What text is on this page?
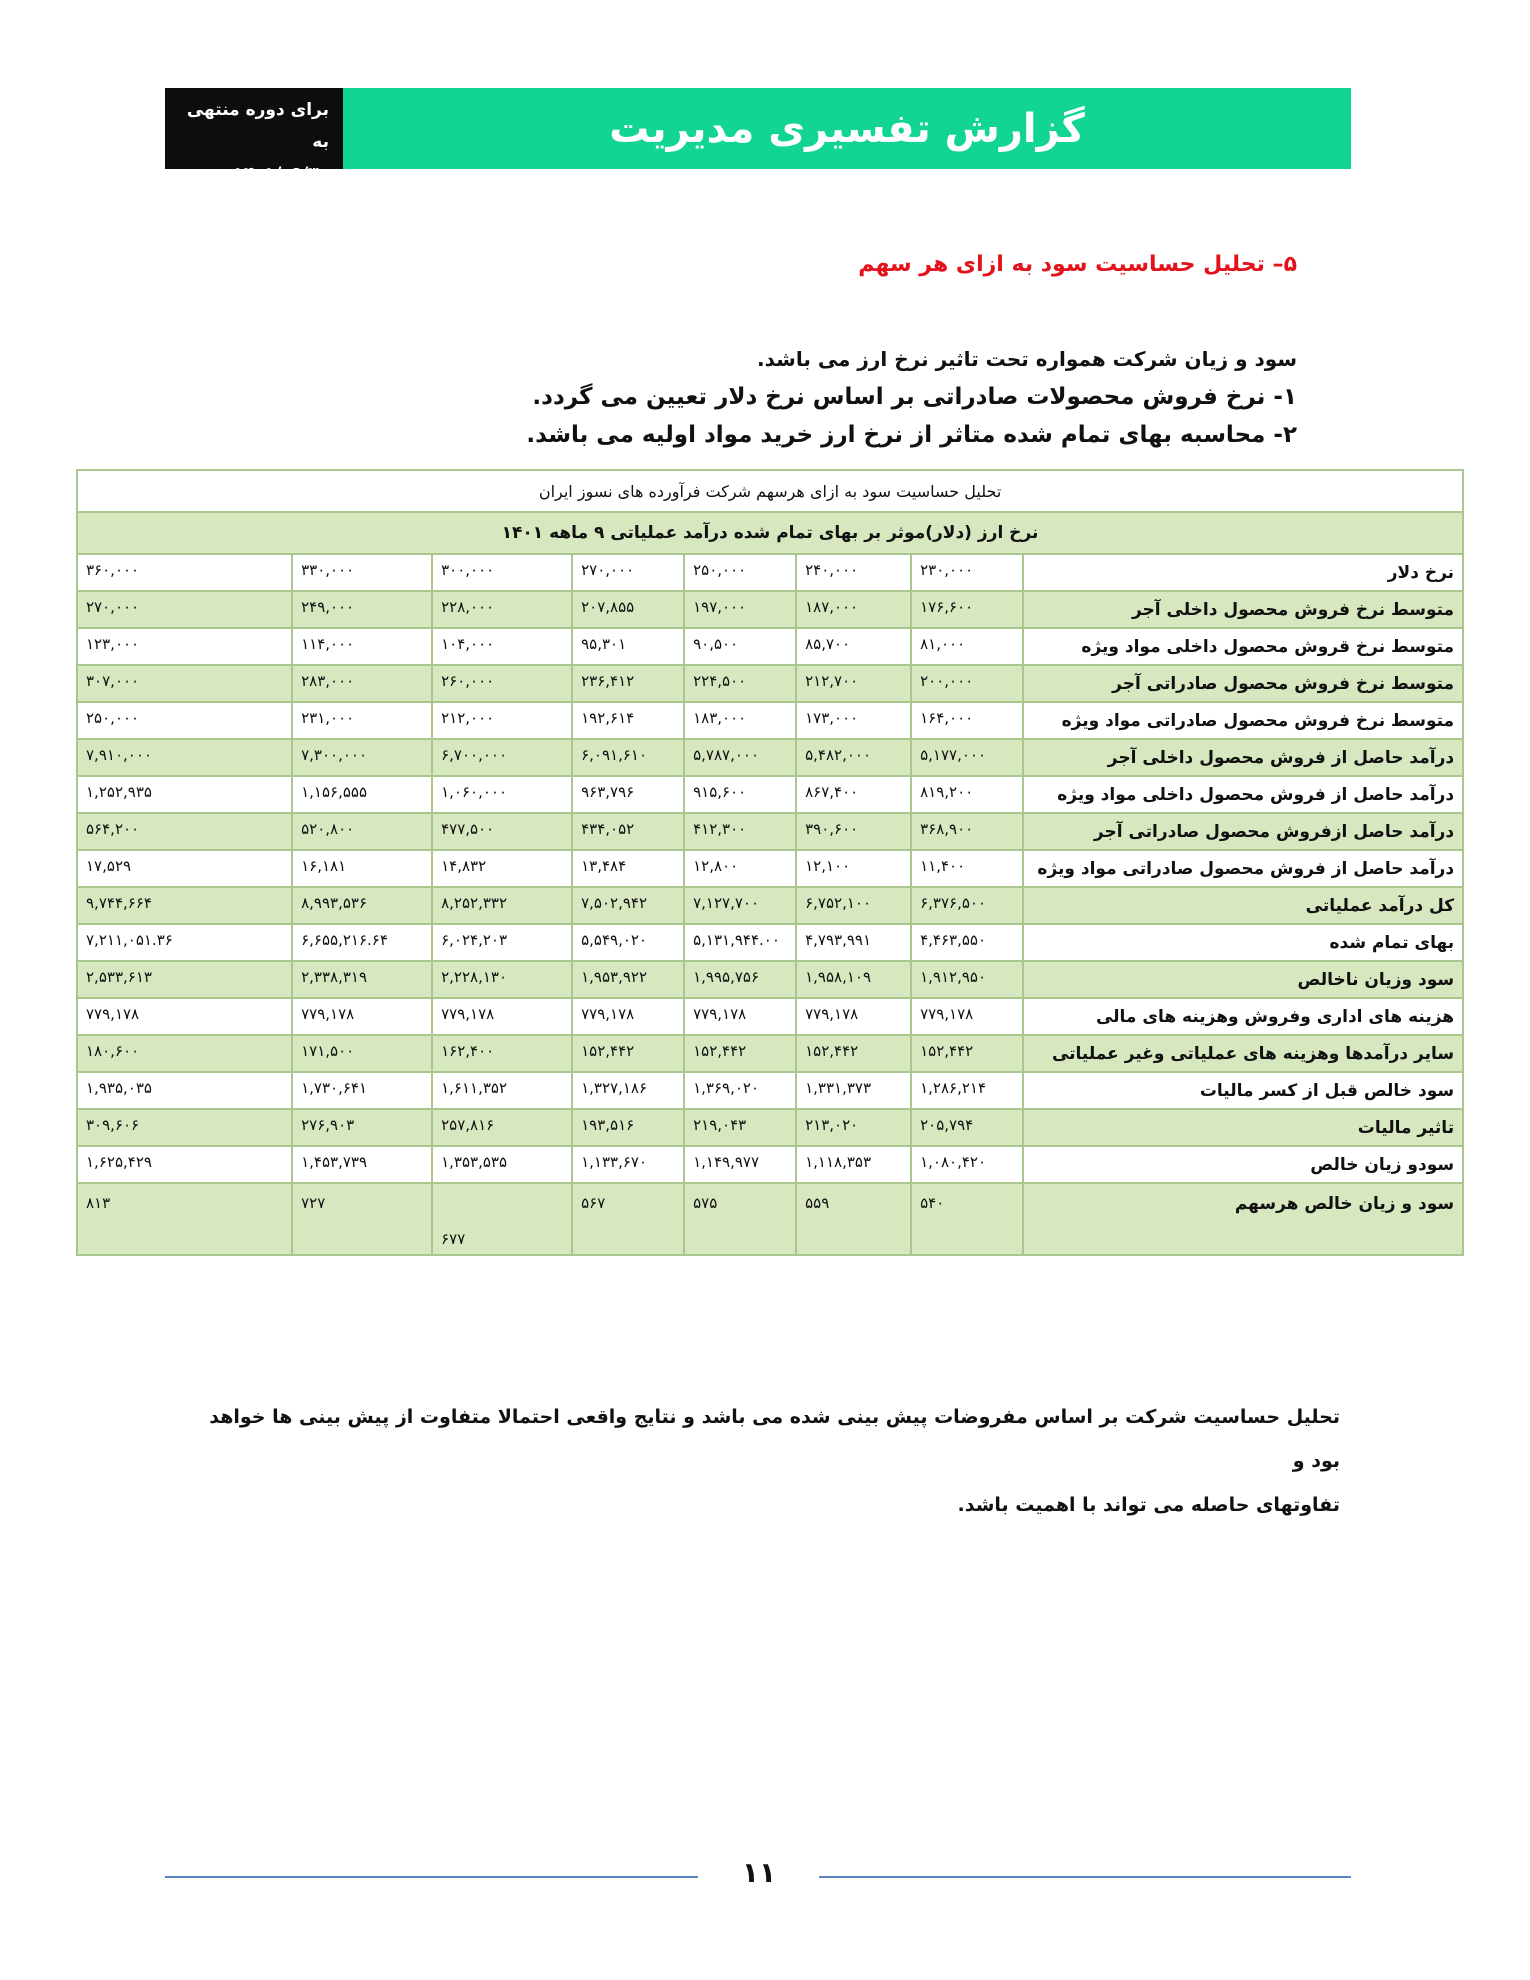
گزارش تفسیری مدیریت
برای دوره منتهی به
۱۴۰۱/۰۹/۳۰
۵– تحلیل حساسیت سود به ازای هر سهم
سود و زیان شرکت همواره تحت تاثیر نرخ ارز می باشد.
۱- نرخ فروش محصولات صادراتی بر اساس نرخ دلار تعیین می گردد.
۲- محاسبه بهای تمام شده متاثر از نرخ ارز خرید مواد اولیه می باشد.
تحلیل حساسیت سود به ازای هرسهم شرکت فرآورده های نسوز ایران							
نرخ ارز (دلار)موثر بر بهای تمام شده درآمد عملیاتی ۹ ماهه ۱۴۰۱							
نرخ دلار	۲۳۰,۰۰۰	۲۴۰,۰۰۰	۲۵۰,۰۰۰	۲۷۰,۰۰۰	۳۰۰,۰۰۰	۳۳۰,۰۰۰	۳۶۰,۰۰۰
متوسط نرخ فروش محصول داخلی آجر	۱۷۶,۶۰۰	۱۸۷,۰۰۰	۱۹۷,۰۰۰	۲۰۷,۸۵۵	۲۲۸,۰۰۰	۲۴۹,۰۰۰	۲۷۰,۰۰۰
متوسط نرخ قروش محصول داخلی مواد ویژه	۸۱,۰۰۰	۸۵,۷۰۰	۹۰,۵۰۰	۹۵,۳۰۱	۱۰۴,۰۰۰	۱۱۴,۰۰۰	۱۲۳,۰۰۰
متوسط نرخ فروش محصول صادراتی آجر	۲۰۰,۰۰۰	۲۱۲,۷۰۰	۲۲۴,۵۰۰	۲۳۶,۴۱۲	۲۶۰,۰۰۰	۲۸۳,۰۰۰	۳۰۷,۰۰۰
متوسط نرخ فروش محصول صادراتی مواد ویژه	۱۶۴,۰۰۰	۱۷۳,۰۰۰	۱۸۳,۰۰۰	۱۹۲,۶۱۴	۲۱۲,۰۰۰	۲۳۱,۰۰۰	۲۵۰,۰۰۰
درآمد حاصل از فروش محصول داخلی آجر	۵,۱۷۷,۰۰۰	۵,۴۸۲,۰۰۰	۵,۷۸۷,۰۰۰	۶,۰۹۱,۶۱۰	۶,۷۰۰,۰۰۰	۷,۳۰۰,۰۰۰	۷,۹۱۰,۰۰۰
درآمد حاصل از فروش محصول داخلی مواد ویژه	۸۱۹,۲۰۰	۸۶۷,۴۰۰	۹۱۵,۶۰۰	۹۶۳,۷۹۶	۱,۰۶۰,۰۰۰	۱,۱۵۶,۵۵۵	۱,۲۵۲,۹۳۵
درآمد حاصل ازفروش محصول صادراتی آجر	۳۶۸,۹۰۰	۳۹۰,۶۰۰	۴۱۲,۳۰۰	۴۳۴,۰۵۲	۴۷۷,۵۰۰	۵۲۰,۸۰۰	۵۶۴,۲۰۰
درآمد حاصل از فروش محصول صادراتی مواد ویژه	۱۱,۴۰۰	۱۲,۱۰۰	۱۲,۸۰۰	۱۳,۴۸۴	۱۴,۸۳۲	۱۶,۱۸۱	۱۷,۵۲۹
کل درآمد عملیاتی	۶,۳۷۶,۵۰۰	۶,۷۵۲,۱۰۰	۷,۱۲۷,۷۰۰	۷,۵۰۲,۹۴۲	۸,۲۵۲,۳۳۲	۸,۹۹۳,۵۳۶	۹,۷۴۴,۶۶۴
بهای تمام شده	۴,۴۶۳,۵۵۰	۴,۷۹۳,۹۹۱	۵,۱۳۱,۹۴۴.۰۰	۵,۵۴۹,۰۲۰	۶,۰۲۴,۲۰۳	۶,۶۵۵,۲۱۶.۶۴	۷,۲۱۱,۰۵۱.۳۶
سود وزیان ناخالص	۱,۹۱۲,۹۵۰	۱,۹۵۸,۱۰۹	۱,۹۹۵,۷۵۶	۱,۹۵۳,۹۲۲	۲,۲۲۸,۱۳۰	۲,۳۳۸,۳۱۹	۲,۵۳۳,۶۱۳
هزینه های اداری وفروش وهزینه های مالی	۷۷۹,۱۷۸	۷۷۹,۱۷۸	۷۷۹,۱۷۸	۷۷۹,۱۷۸	۷۷۹,۱۷۸	۷۷۹,۱۷۸	۷۷۹,۱۷۸
سایر درآمدها وهزینه های عملیاتی وغیر عملیاتی	۱۵۲,۴۴۲	۱۵۲,۴۴۲	۱۵۲,۴۴۲	۱۵۲,۴۴۲	۱۶۲,۴۰۰	۱۷۱,۵۰۰	۱۸۰,۶۰۰
سود خالص قبل از کسر مالیات	۱,۲۸۶,۲۱۴	۱,۳۳۱,۳۷۳	۱,۳۶۹,۰۲۰	۱,۳۲۷,۱۸۶	۱,۶۱۱,۳۵۲	۱,۷۳۰,۶۴۱	۱,۹۳۵,۰۳۵
تاثیر مالیات	۲۰۵,۷۹۴	۲۱۳,۰۲۰	۲۱۹,۰۴۳	۱۹۳,۵۱۶	۲۵۷,۸۱۶	۲۷۶,۹۰۳	۳۰۹,۶۰۶
سودو زیان خالص	۱,۰۸۰,۴۲۰	۱,۱۱۸,۳۵۳	۱,۱۴۹,۹۷۷	۱,۱۳۳,۶۷۰	۱,۳۵۳,۵۳۵	۱,۴۵۳,۷۳۹	۱,۶۲۵,۴۲۹
سود و زیان خالص هرسهم	۵۴۰	۵۵۹	۵۷۵	۵۶۷	۶۷۷	۷۲۷	۸۱۳
تحلیل حساسیت شرکت بر اساس مفروضات پیش بینی شده می باشد و نتایج واقعی احتمالا متفاوت از پیش بینی ها خواهد بود و
تفاوتهای حاصله می تواند با اهمیت باشد.
۱۱
